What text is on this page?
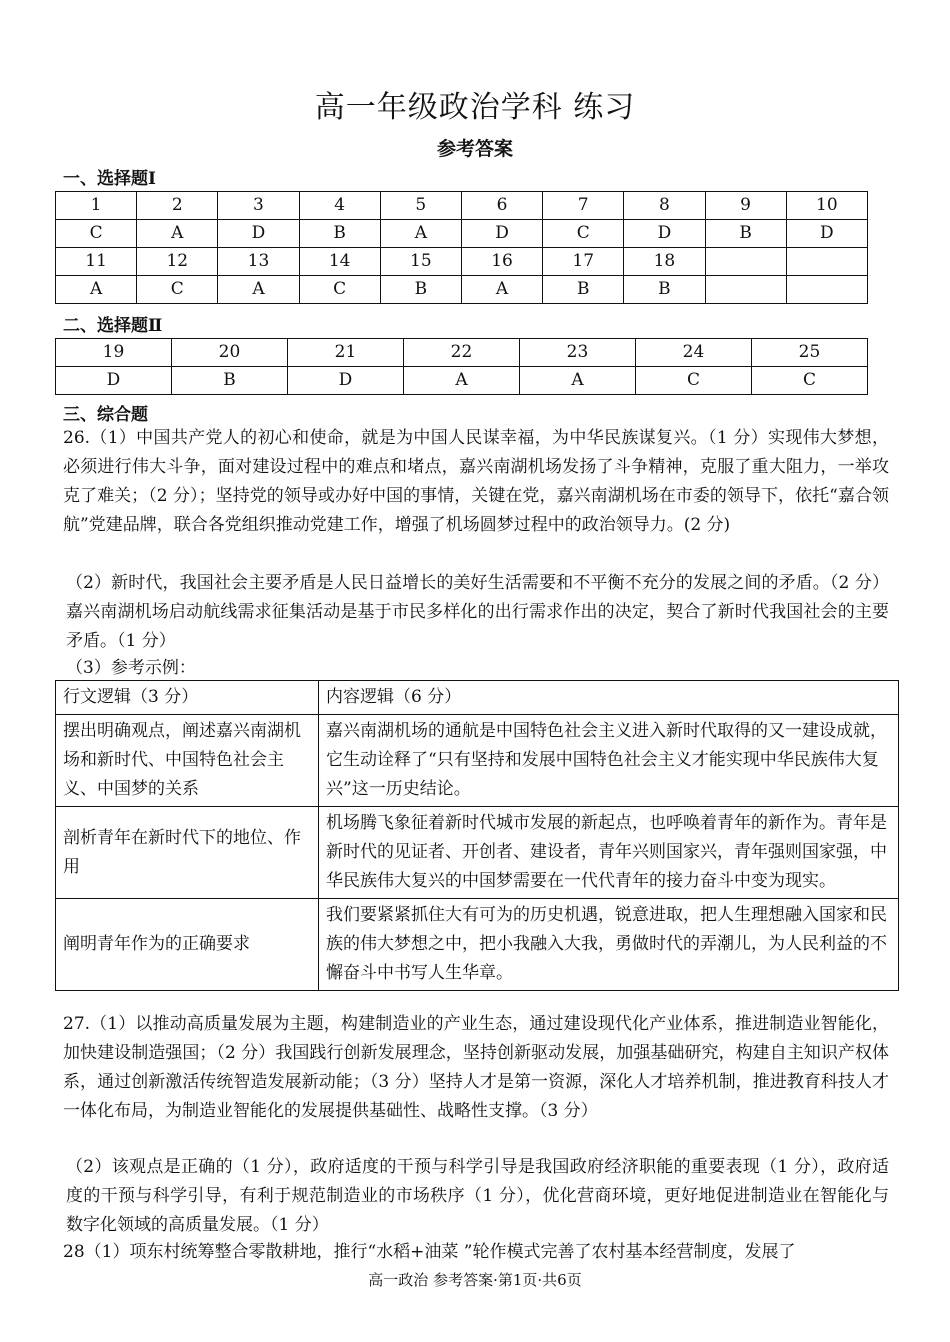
高一年级政治学科 练习
参考答案
一、选择题Ⅰ
1	2	3	4	5	6	7	8	9	10
C	A	D	B	A	D	C	D	B	D
11	12	13	14	15	16	17	18		
A	C	A	C	B	A	B	B		
二、选择题Ⅱ
19	20	21	22	23	24	25
D	B	D	A	A	C	C
三、综合题

26.（1）中国共产党人的初心和使命，就是为中国人民谋幸福，为中华民族谋复兴。（1 分）实现伟大梦想，必须进行伟大斗争，面对建设过程中的难点和堵点，嘉兴南湖机场发扬了斗争精神，克服了重大阻力，一举攻克了难关；（2 分）；坚持党的领导或办好中国的事情，关键在党，嘉兴南湖机场在市委的领导下，依托“嘉合领航”党建品牌，联合各党组织推动党建工作，增强了机场圆梦过程中的政治领导力。(2 分)

（2）新时代，我国社会主要矛盾是人民日益增长的美好生活需要和不平衡不充分的发展之间的矛盾。（2 分）嘉兴南湖机场启动航线需求征集活动是基于市民多样化的出行需求作出的决定，契合了新时代我国社会的主要矛盾。（1 分）

（3）参考示例：

行文逻辑（3 分）	内容逻辑（6 分）
摆出明确观点，阐述嘉兴南湖机场和新时代、中国特色社会主义、中国梦的关系	嘉兴南湖机场的通航是中国特色社会主义进入新时代取得的又一建设成就，它生动诠释了“只有坚持和发展中国特色社会主义才能实现中华民族伟大复兴”这一历史结论。
剖析青年在新时代下的地位、作用	机场腾飞象征着新时代城市发展的新起点，也呼唤着青年的新作为。青年是新时代的见证者、开创者、建设者，青年兴则国家兴，青年强则国家强，中华民族伟大复兴的中国梦需要在一代代青年的接力奋斗中变为现实。
阐明青年作为的正确要求	我们要紧紧抓住大有可为的历史机遇，锐意进取，把人生理想融入国家和民族的伟大梦想之中，把小我融入大我，勇做时代的弄潮儿，为人民利益的不懈奋斗中书写人生华章。

27.（1）以推动高质量发展为主题，构建制造业的产业生态，通过建设现代化产业体系，推进制造业智能化，加快建设制造强国；（2 分）我国践行创新发展理念，坚持创新驱动发展，加强基础研究，构建自主知识产权体系，通过创新激活传统智造发展新动能；（3 分）坚持人才是第一资源，深化人才培养机制，推进教育科技人才一体化布局，为制造业智能化的发展提供基础性、战略性支撑。（3 分）

（2）该观点是正确的（1 分），政府适度的干预与科学引导是我国政府经济职能的重要表现（1 分），政府适度的干预与科学引导，有利于规范制造业的市场秩序（1 分），优化营商环境，更好地促进制造业在智能化与数字化领域的高质量发展。（1 分）

28（1）项东村统筹整合零散耕地，推行“水稻+油菜 ”轮作模式完善了农村基本经营制度，发展了

高一政治 参考答案·第1页·共6页
